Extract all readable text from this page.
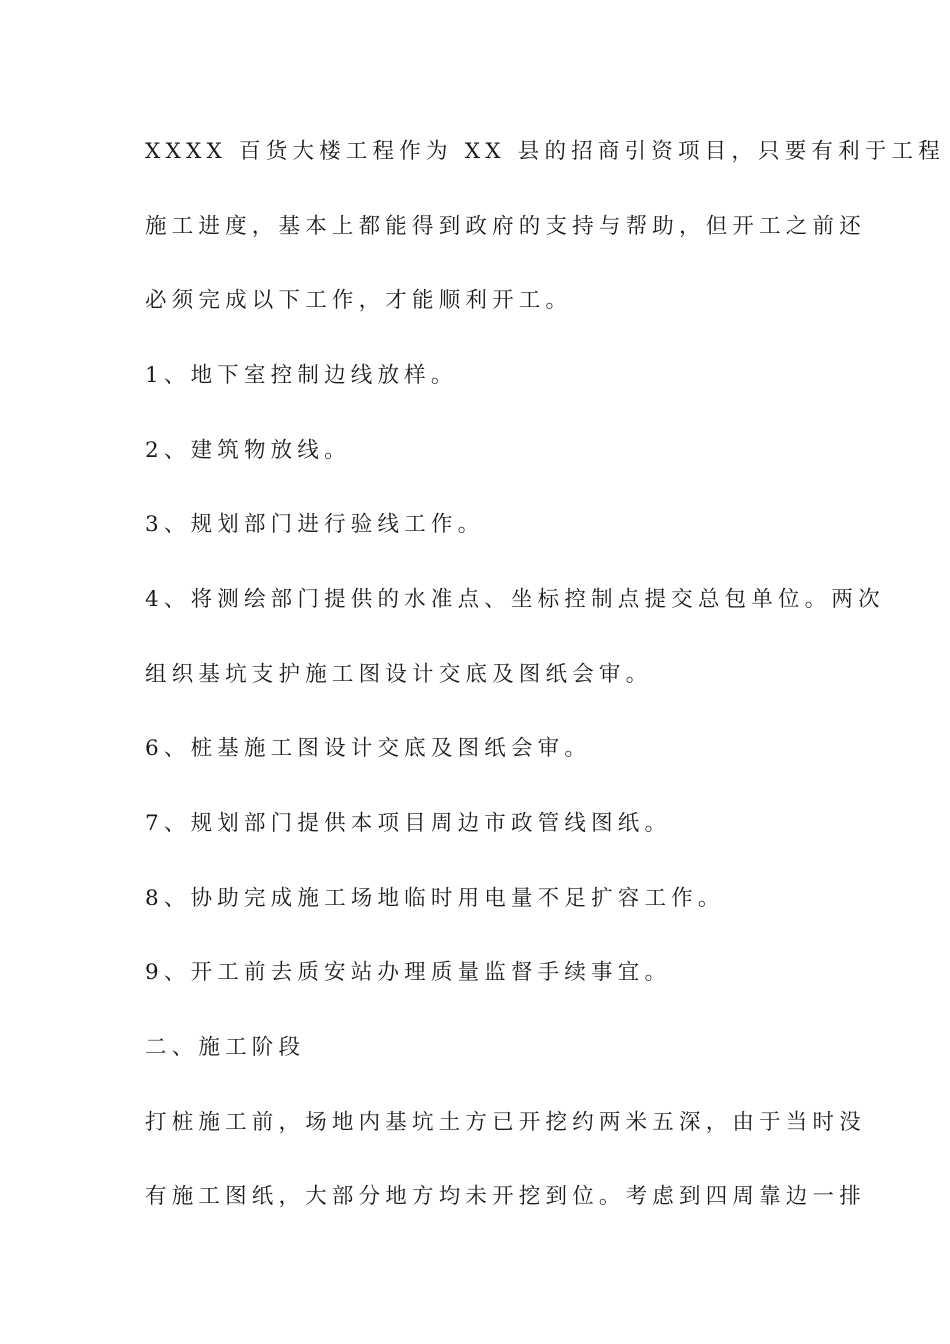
XXXX 百货大楼工程作为 XX 县的招商引资项目，只要有利于工程
施工进度，基本上都能得到政府的支持与帮助，但开工之前还
必须完成以下工作，才能顺利开工。
1、地下室控制边线放样。
2、建筑物放线。
3、规划部门进行验线工作。
4、将测绘部门提供的水准点、坐标控制点提交总包单位。两次
组织基坑支护施工图设计交底及图纸会审。
6、桩基施工图设计交底及图纸会审。
7、规划部门提供本项目周边市政管线图纸。
8、协助完成施工场地临时用电量不足扩容工作。
9、开工前去质安站办理质量监督手续事宜。
二、施工阶段
打桩施工前，场地内基坑土方已开挖约两米五深，由于当时没
有施工图纸，大部分地方均未开挖到位。考虑到四周靠边一排
